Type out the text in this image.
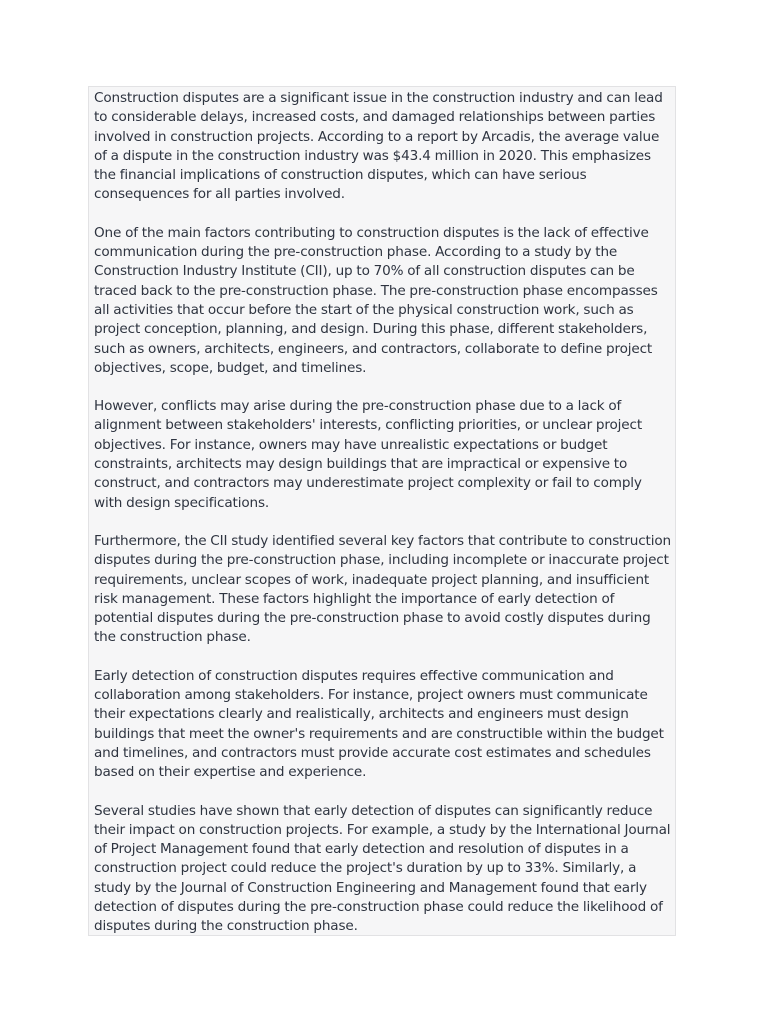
Construction disputes are a significant issue in the construction industry and can lead to considerable delays, increased costs, and damaged relationships between parties involved in construction projects. According to a report by Arcadis, the average value of a dispute in the construction industry was $43.4 million in 2020. This emphasizes the financial implications of construction disputes, which can have serious consequences for all parties involved.

One of the main factors contributing to construction disputes is the lack of effective communication during the pre-construction phase. According to a study by the Construction Industry Institute (CII), up to 70% of all construction disputes can be traced back to the pre-construction phase. The pre-construction phase encompasses all activities that occur before the start of the physical construction work, such as project conception, planning, and design. During this phase, different stakeholders, such as owners, architects, engineers, and contractors, collaborate to define project objectives, scope, budget, and timelines.

However, conflicts may arise during the pre-construction phase due to a lack of alignment between stakeholders' interests, conflicting priorities, or unclear project objectives. For instance, owners may have unrealistic expectations or budget constraints, architects may design buildings that are impractical or expensive to construct, and contractors may underestimate project complexity or fail to comply with design specifications.

Furthermore, the CII study identified several key factors that contribute to construction disputes during the pre-construction phase, including incomplete or inaccurate project requirements, unclear scopes of work, inadequate project planning, and insufficient risk management. These factors highlight the importance of early detection of potential disputes during the pre-construction phase to avoid costly disputes during the construction phase.

Early detection of construction disputes requires effective communication and collaboration among stakeholders. For instance, project owners must communicate their expectations clearly and realistically, architects and engineers must design buildings that meet the owner's requirements and are constructible within the budget and timelines, and contractors must provide accurate cost estimates and schedules based on their expertise and experience.

Several studies have shown that early detection of disputes can significantly reduce their impact on construction projects. For example, a study by the International Journal of Project Management found that early detection and resolution of disputes in a construction project could reduce the project's duration by up to 33%. Similarly, a study by the Journal of Construction Engineering and Management found that early detection of disputes during the pre-construction phase could reduce the likelihood of disputes during the construction phase.
